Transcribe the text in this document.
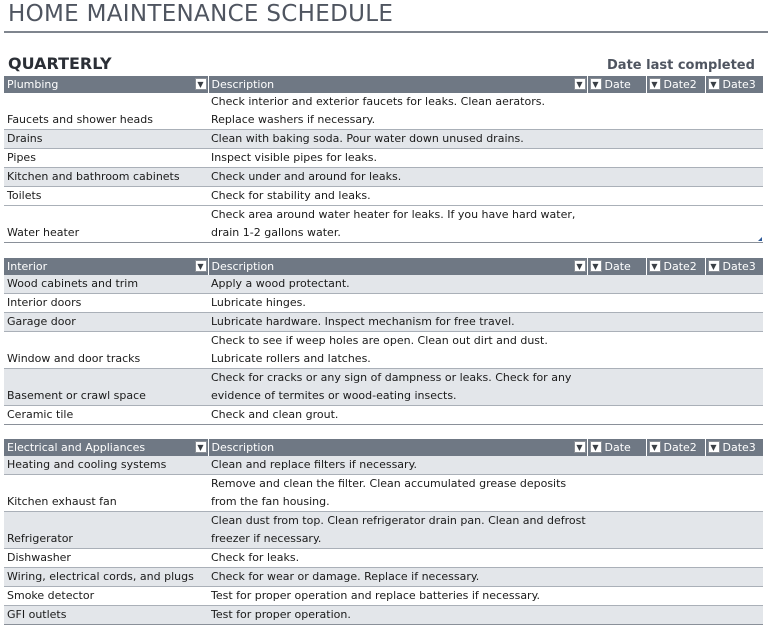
HOME MAINTENANCE SCHEDULE
QUARTERLY	Date last completed
Plumbing ▼	Description ▼	▼ Date	▼ Date2	▼ Date3
Faucets and shower heads	Check interior and exterior faucets for leaks. Clean aerators. Replace washers if necessary.			
Drains	Clean with baking soda. Pour water down unused drains.			
Pipes	Inspect visible pipes for leaks.			
Kitchen and bathroom cabinets	Check under and around for leaks.			
Toilets	Check for stability and leaks.			
Water heater	Check area around water heater for leaks. If you have hard water, drain 1-2 gallons water.			
Interior ▼	Description ▼	▼ Date	▼ Date2	▼ Date3
Wood cabinets and trim	Apply a wood protectant.			
Interior doors	Lubricate hinges.			
Garage door	Lubricate hardware. Inspect mechanism for free travel.			
Window and door tracks	Check to see if weep holes are open. Clean out dirt and dust. Lubricate rollers and latches.			
Basement or crawl space	Check for cracks or any sign of dampness or leaks. Check for any evidence of termites or wood-eating insects.			
Ceramic tile	Check and clean grout.			
Electrical and Appliances ▼	Description ▼	▼ Date	▼ Date2	▼ Date3
Heating and cooling systems	Clean and replace filters if necessary.			
Kitchen exhaust fan	Remove and clean the filter. Clean accumulated grease deposits from the fan housing.			
Refrigerator	Clean dust from top. Clean refrigerator drain pan. Clean and defrost freezer if necessary.			
Dishwasher	Check for leaks.			
Wiring, electrical cords, and plugs	Check for wear or damage. Replace if necessary.			
Smoke detector	Test for proper operation and replace batteries if necessary.			
GFI outlets	Test for proper operation.			
